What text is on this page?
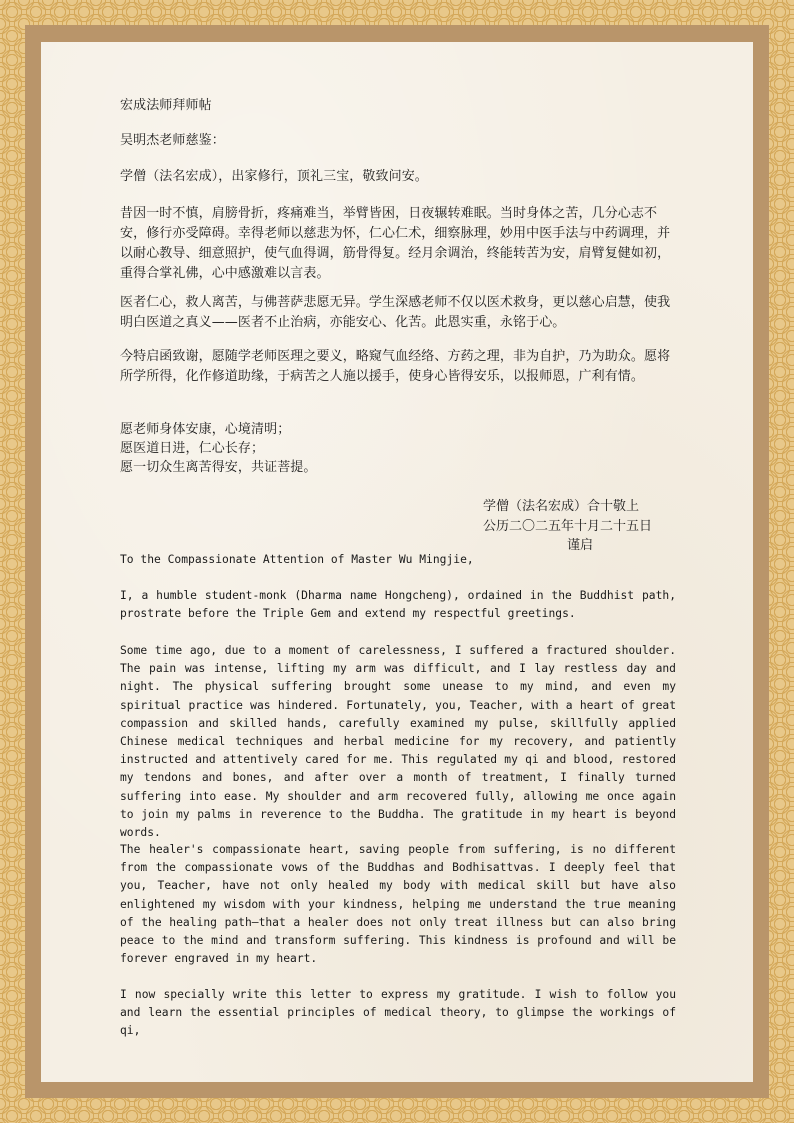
宏成法师拜师帖

吴明杰老师慈鉴：

学僧（法名宏成），出家修行，顶礼三宝，敬致问安。

昔因一时不慎，肩膀骨折，疼痛难当，举臂皆困，日夜辗转难眠。当时身体之苦，几分心志不安，修行亦受障碍。幸得老师以慈悲为怀，仁心仁术，细察脉理，妙用中医手法与中药调理，并以耐心教导、细意照护，使气血得调，筋骨得复。经月余调治，终能转苦为安，肩臂复健如初，重得合掌礼佛，心中感激难以言表。

医者仁心，救人离苦，与佛菩萨悲愿无异。学生深感老师不仅以医术救身，更以慈心启慧，使我明白医道之真义——医者不止治病，亦能安心、化苦。此恩实重，永铭于心。

今特启函致谢，愿随学老师医理之要义，略窥气血经络、方药之理，非为自护，乃为助众。愿将所学所得，化作修道助缘，于病苦之人施以援手，使身心皆得安乐，以报师恩，广利有情。

愿老师身体安康，心境清明；

愿医道日进，仁心长存；

愿一切众生离苦得安，共证菩提。

学僧（法名宏成）合十敬上

公历二〇二五年十月二十五日

谨启

To the Compassionate Attention of Master Wu Mingjie,

I, a humble student-monk (Dharma name Hongcheng), ordained in the Buddhist path, prostrate before the Triple Gem and extend my respectful greetings.

Some time ago, due to a moment of carelessness, I suffered a fractured shoulder. The pain was intense, lifting my arm was difficult, and I lay restless day and night. The physical suffering brought some unease to my mind, and even my spiritual practice was hindered. Fortunately, you, Teacher, with a heart of great compassion and skilled hands, carefully examined my pulse, skillfully applied Chinese medical techniques and herbal medicine for my recovery, and patiently instructed and attentively cared for me. This regulated my qi and blood, restored my tendons and bones, and after over a month of treatment, I finally turned suffering into ease. My shoulder and arm recovered fully, allowing me once again to join my palms in reverence to the Buddha. The gratitude in my heart is beyond words.

The healer's compassionate heart, saving people from suffering, is no different from the compassionate vows of the Buddhas and Bodhisattvas. I deeply feel that you, Teacher, have not only healed my body with medical skill but have also enlightened my wisdom with your kindness, helping me understand the true meaning of the healing path—that a healer does not only treat illness but can also bring peace to the mind and transform suffering. This kindness is profound and will be forever engraved in my heart.

I now specially write this letter to express my gratitude. I wish to follow you and learn the essential principles of medical theory, to glimpse the workings of qi,
